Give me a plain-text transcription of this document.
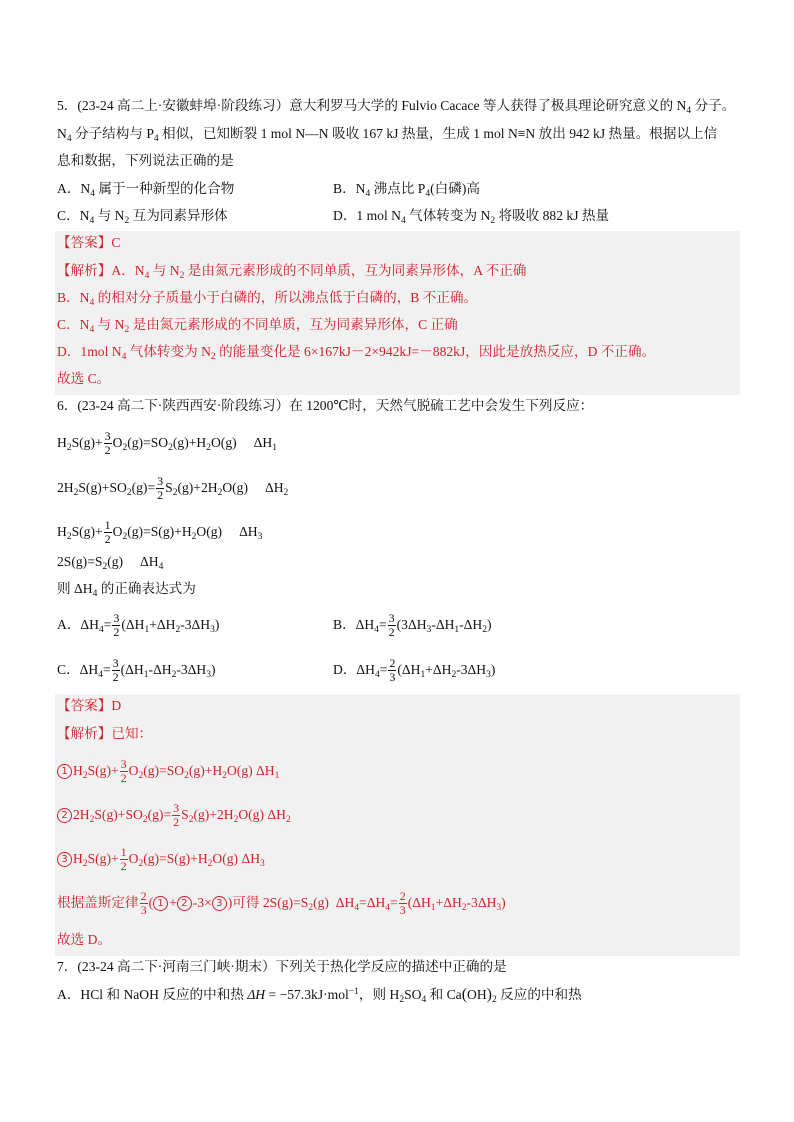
5．(23-24 高二上·安徽蚌埠·阶段练习）意大利罗马大学的 Fulvio Cacace 等人获得了极具理论研究意义的 $N_4$ 分子。
$N_4$ 分子结构与 $P_4$ 相似，已知断裂 1 mol N—N 吸收 167 kJ 热量，生成 1 mol N≡N 放出 942 kJ 热量。根据以上信
息和数据，下列说法正确的是
A．$N_4$ 属于一种新型的化合物	B．$N_4$ 沸点比 $P_4$(白磷)高
C．$N_4$ 与 $N_2$ 互为同素异形体	D．1 mol $N_4$ 气体转变为 $N_2$ 将吸收 882 kJ 热量
【答案】C
【解析】A．$N_4$ 与 $N_2$ 是由氮元素形成的不同单质，互为同素异形体，A 不正确
B．$N_4$ 的相对分子质量小于白磷的，所以沸点低于白磷的，B 不正确。
C．$N_4$ 与 $N_2$ 是由氮元素形成的不同单质，互为同素异形体，C 正确
D．1mol $N_4$ 气体转变为 $N_2$ 的能量变化是 6×167kJ－2×942kJ=－882kJ，因此是放热反应，D 不正确。
故选 C。
6．(23-24 高二下·陕西西安·阶段练习）在 1200℃时，天然气脱硫工艺中会发生下列反应：
$H_2S(g)+ \frac{3}{2} O_2(g)=SO_2(g)+H_2O(g)$　 $\Delta H_1$
$2H_2S(g)+SO_2(g)= \frac{3}{2} S_2(g)+2H_2O(g)$　 $\Delta H_2$
$H_2S(g)+ \frac{1}{2} O_2(g)=S(g)+H_2O(g)$　 $\Delta H_3$
$2S(g)=S_2(g)$　 $\Delta H_4$
则 $\Delta H_4$ 的正确表达式为
A．$\Delta H_4= \frac{3}{2} (\Delta H_1+\Delta H_2-3\Delta H_3)$	B．$\Delta H_4= \frac{3}{2} (3\Delta H_3-\Delta H_1-\Delta H_2)$
C．$\Delta H_4= \frac{3}{2} (\Delta H_1-\Delta H_2-3\Delta H_3)$	D．$\Delta H_4= \frac{2}{3} (\Delta H_1+\Delta H_2-3\Delta H_3)$
【答案】D
【解析】已知：
1 $H_2S(g)+ \frac{3}{2} O_2(g)=SO_2(g)+H_2O(g)$ $\Delta H_1$
2 $2H_2S(g)+SO_2(g)= \frac{3}{2} S_2(g)+2H_2O(g)$ $\Delta H_2$
3 $H_2S(g)+ \frac{1}{2} O_2(g)=S(g)+H_2O(g)$ $\Delta H_3$
根据盖斯定律 $\frac{2}{3}$ ( 1 + 2 -3× 3 )可得 $2S(g)=S_2(g)$  $\Delta H_4=\Delta H_4= \frac{2}{3} (\Delta H_1+\Delta H_2-3\Delta H_3)$
故选 D。
7．(23-24 高二下·河南三门峡·期末）下列关于热化学反应的描述中正确的是
A．HCl 和 NaOH 反应的中和热 ΔH = −57.3kJ·mol$^{-1}$，则 $H_2SO_4$ 和 $Ca(OH)_2$ 反应的中和热
